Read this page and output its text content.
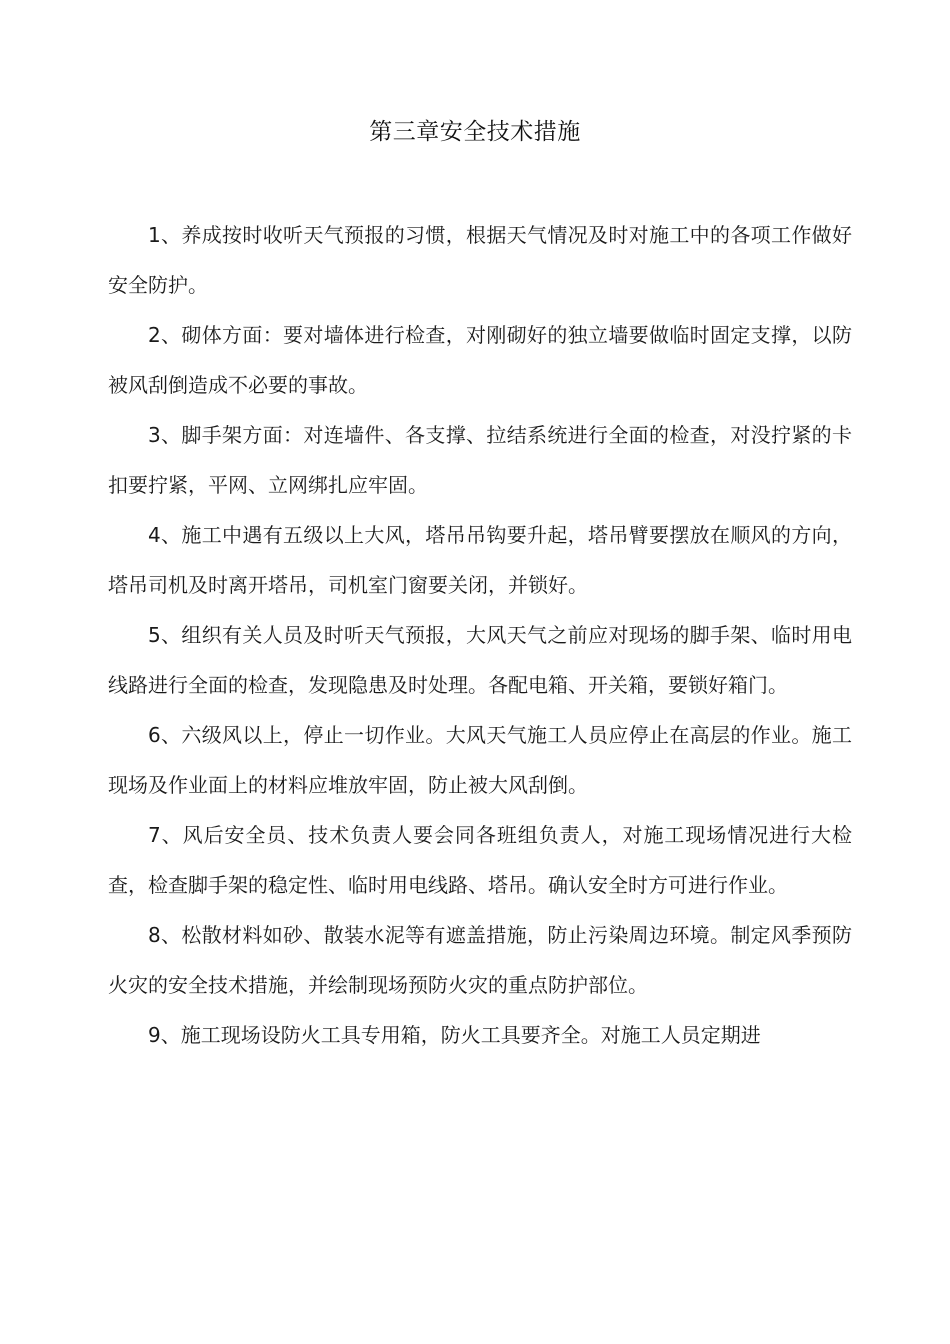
第三章安全技术措施

1、养成按时收听天气预报的习惯，根据天气情况及时对施工中的各项工作做好安全防护。

2、砌体方面：要对墙体进行检查，对刚砌好的独立墙要做临时固定支撑，以防被风刮倒造成不必要的事故。

3、脚手架方面：对连墙件、各支撑、拉结系统进行全面的检查，对没拧紧的卡扣要拧紧，平网、立网绑扎应牢固。

4、施工中遇有五级以上大风，塔吊吊钩要升起，塔吊臂要摆放在顺风的方向，塔吊司机及时离开塔吊，司机室门窗要关闭，并锁好。

5、组织有关人员及时听天气预报，大风天气之前应对现场的脚手架、临时用电线路进行全面的检查，发现隐患及时处理。各配电箱、开关箱，要锁好箱门。

6、六级风以上，停止一切作业。大风天气施工人员应停止在高层的作业。施工现场及作业面上的材料应堆放牢固，防止被大风刮倒。

7、风后安全员、技术负责人要会同各班组负责人，对施工现场情况进行大检查，检查脚手架的稳定性、临时用电线路、塔吊。确认安全时方可进行作业。

8、松散材料如砂、散装水泥等有遮盖措施，防止污染周边环境。制定风季预防火灾的安全技术措施，并绘制现场预防火灾的重点防护部位。

9、施工现场设防火工具专用箱，防火工具要齐全。对施工人员定期进
